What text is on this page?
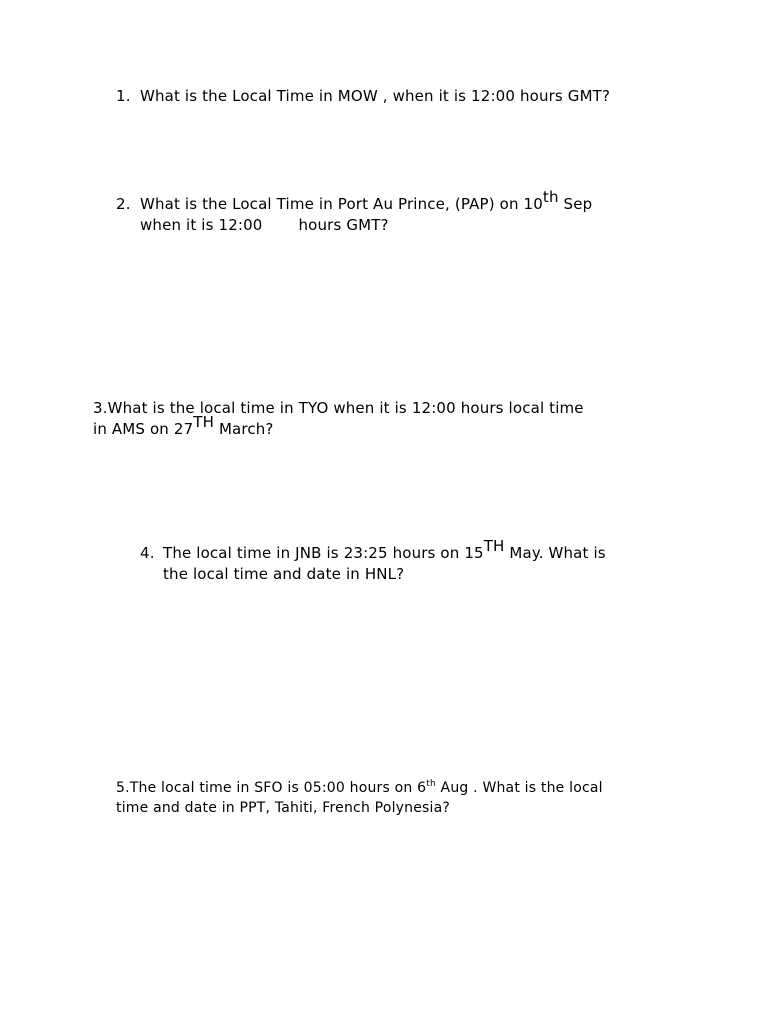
1. What is the Local Time in MOW , when it is 12:00 hours GMT?
2. What is the Local Time in Port Au Prince, (PAP) on 10th Sep
when it is 12:00 hours GMT?
3.What is the local time in TYO when it is 12:00 hours local time
in AMS on 27TH March?
4. The local time in JNB is 23:25 hours on 15TH May. What is
the local time and date in HNL?
5.The local time in SFO is 05:00 hours on 6th Aug . What is the local
time and date in PPT, Tahiti, French Polynesia?
